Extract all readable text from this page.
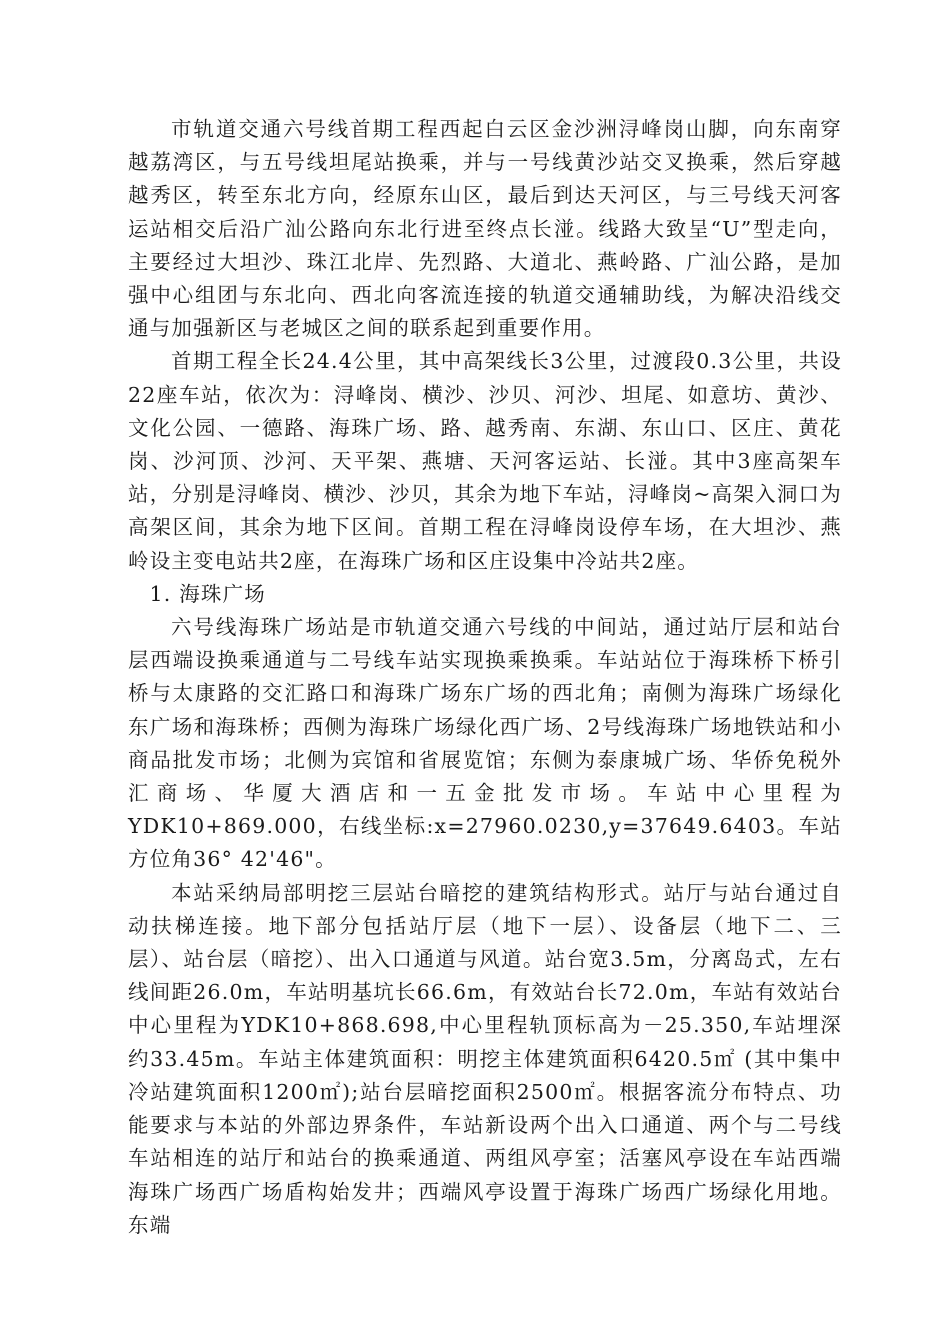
市轨道交通六号线首期工程西起白云区金沙洲浔峰岗山脚，向东南穿越荔湾区，与五号线坦尾站换乘，并与一号线黄沙站交叉换乘，然后穿越越秀区，转至东北方向，经原东山区，最后到达天河区，与三号线天河客运站相交后沿广汕公路向东北行进至终点长湴。线路大致呈“U”型走向，主要经过大坦沙、珠江北岸、先烈路、大道北、燕岭路、广汕公路，是加强中心组团与东北向、西北向客流连接的轨道交通辅助线，为解决沿线交通与加强新区与老城区之间的联系起到重要作用。

首期工程全长24.4公里，其中高架线长3公里，过渡段0.3公里，共设22座车站，依次为：浔峰岗、横沙、沙贝、河沙、坦尾、如意坊、黄沙、文化公园、一德路、海珠广场、路、越秀南、东湖、东山口、区庄、黄花岗、沙河顶、沙河、天平架、燕塘、天河客运站、长湴。其中3座高架车站，分别是浔峰岗、横沙、沙贝，其余为地下车站，浔峰岗~高架入洞口为高架区间，其余为地下区间。首期工程在浔峰岗设停车场，在大坦沙、燕岭设主变电站共2座，在海珠广场和区庄设集中冷站共2座。

1. 海珠广场

六号线海珠广场站是市轨道交通六号线的中间站，通过站厅层和站台层西端设换乘通道与二号线车站实现换乘换乘。车站站位于海珠桥下桥引桥与太康路的交汇路口和海珠广场东广场的西北角；南侧为海珠广场绿化东广场和海珠桥；西侧为海珠广场绿化西广场、2号线海珠广场地铁站和小商品批发市场；北侧为宾馆和省展览馆；东侧为泰康城广场、华侨免税外汇商场、华厦大酒店和一五金批发市场。车站中心里程为YDK10+869.000，右线坐标:x=27960.0230,y=37649.6403。车站方位角36° 42'46"。

本站采纳局部明挖三层站台暗挖的建筑结构形式。站厅与站台通过自动扶梯连接。地下部分包括站厅层（地下一层）、设备层（地下二、三层）、站台层（暗挖）、出入口通道与风道。站台宽3.5m，分离岛式，左右线间距26.0m，车站明基坑长66.6m，有效站台长72.0m，车站有效站台中心里程为YDK10+868.698,中心里程轨顶标高为－25.350,车站埋深约33.45m。车站主体建筑面积：明挖主体建筑面积6420.5㎡ (其中集中冷站建筑面积1200㎡);站台层暗挖面积2500㎡。根据客流分布特点、功能要求与本站的外部边界条件，车站新设两个出入口通道、两个与二号线车站相连的站厅和站台的换乘通道、两组风亭室；活塞风亭设在车站西端海珠广场西广场盾构始发井；西端风亭设置于海珠广场西广场绿化用地。东端
